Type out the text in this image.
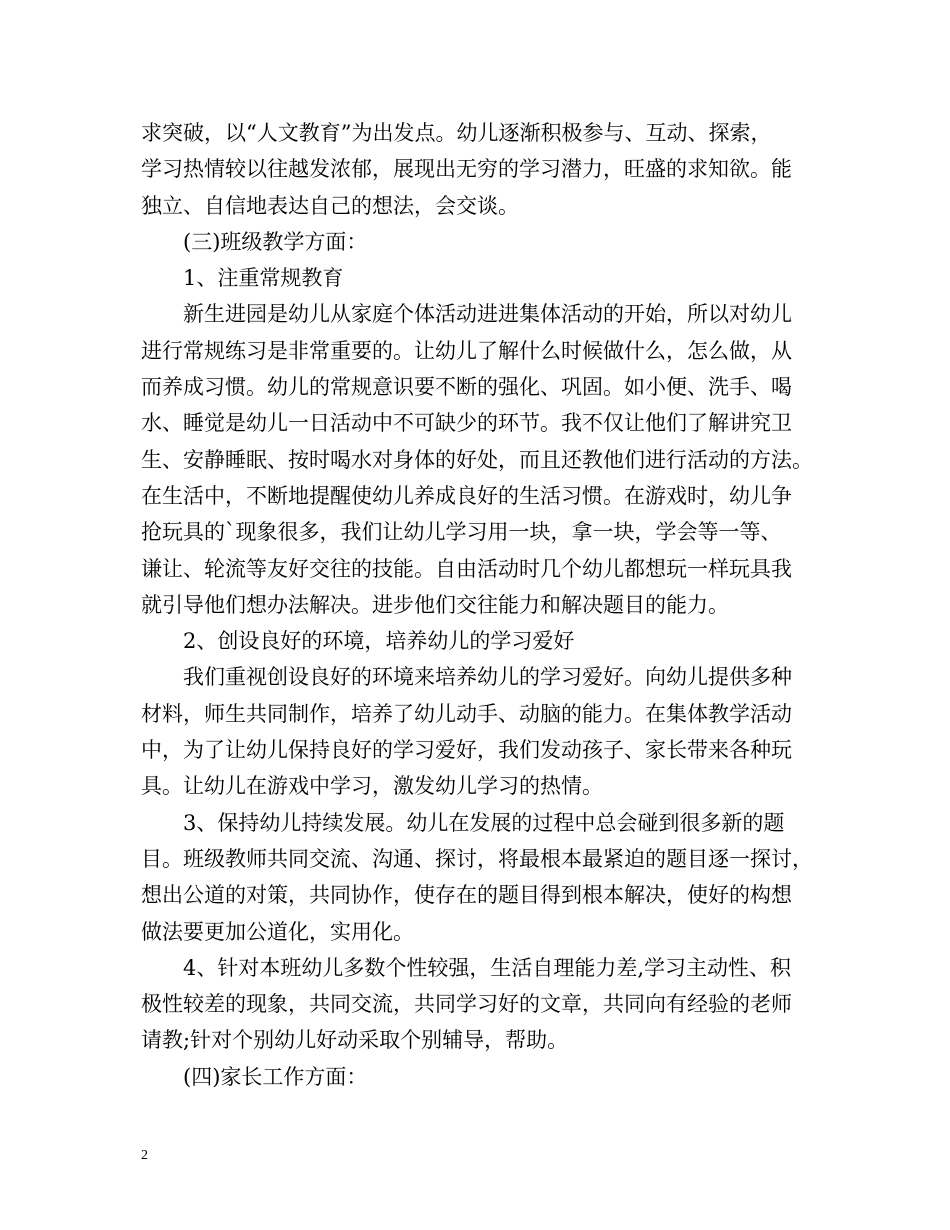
求突破，以“人文教育”为出发点。幼儿逐渐积极参与、互动、探索，
学习热情较以往越发浓郁，展现出无穷的学习潜力，旺盛的求知欲。能
独立、自信地表达自己的想法，会交谈。
(三)班级教学方面：
1、注重常规教育
新生进园是幼儿从家庭个体活动进进集体活动的开始，所以对幼儿
进行常规练习是非常重要的。让幼儿了解什么时候做什么，怎么做，从
而养成习惯。幼儿的常规意识要不断的强化、巩固。如小便、洗手、喝
水、睡觉是幼儿一日活动中不可缺少的环节。我不仅让他们了解讲究卫
生、安静睡眠、按时喝水对身体的好处，而且还教他们进行活动的方法。
在生活中，不断地提醒使幼儿养成良好的生活习惯。在游戏时，幼儿争
抢玩具的`现象很多，我们让幼儿学习用一块，拿一块，学会等一等、
谦让、轮流等友好交往的技能。自由活动时几个幼儿都想玩一样玩具我
就引导他们想办法解决。进步他们交往能力和解决题目的能力。
2、创设良好的环境，培养幼儿的学习爱好
我们重视创设良好的环境来培养幼儿的学习爱好。向幼儿提供多种
材料，师生共同制作，培养了幼儿动手、动脑的能力。在集体教学活动
中，为了让幼儿保持良好的学习爱好，我们发动孩子、家长带来各种玩
具。让幼儿在游戏中学习，激发幼儿学习的热情。
3、保持幼儿持续发展。幼儿在发展的过程中总会碰到很多新的题
目。班级教师共同交流、沟通、探讨，将最根本最紧迫的题目逐一探讨，
想出公道的对策，共同协作，使存在的题目得到根本解决，使好的构想
做法要更加公道化，实用化。
4、针对本班幼儿多数个性较强，生活自理能力差,学习主动性、积
极性较差的现象，共同交流，共同学习好的文章，共同向有经验的老师
请教;针对个别幼儿好动采取个别辅导，帮助。
(四)家长工作方面：
2
